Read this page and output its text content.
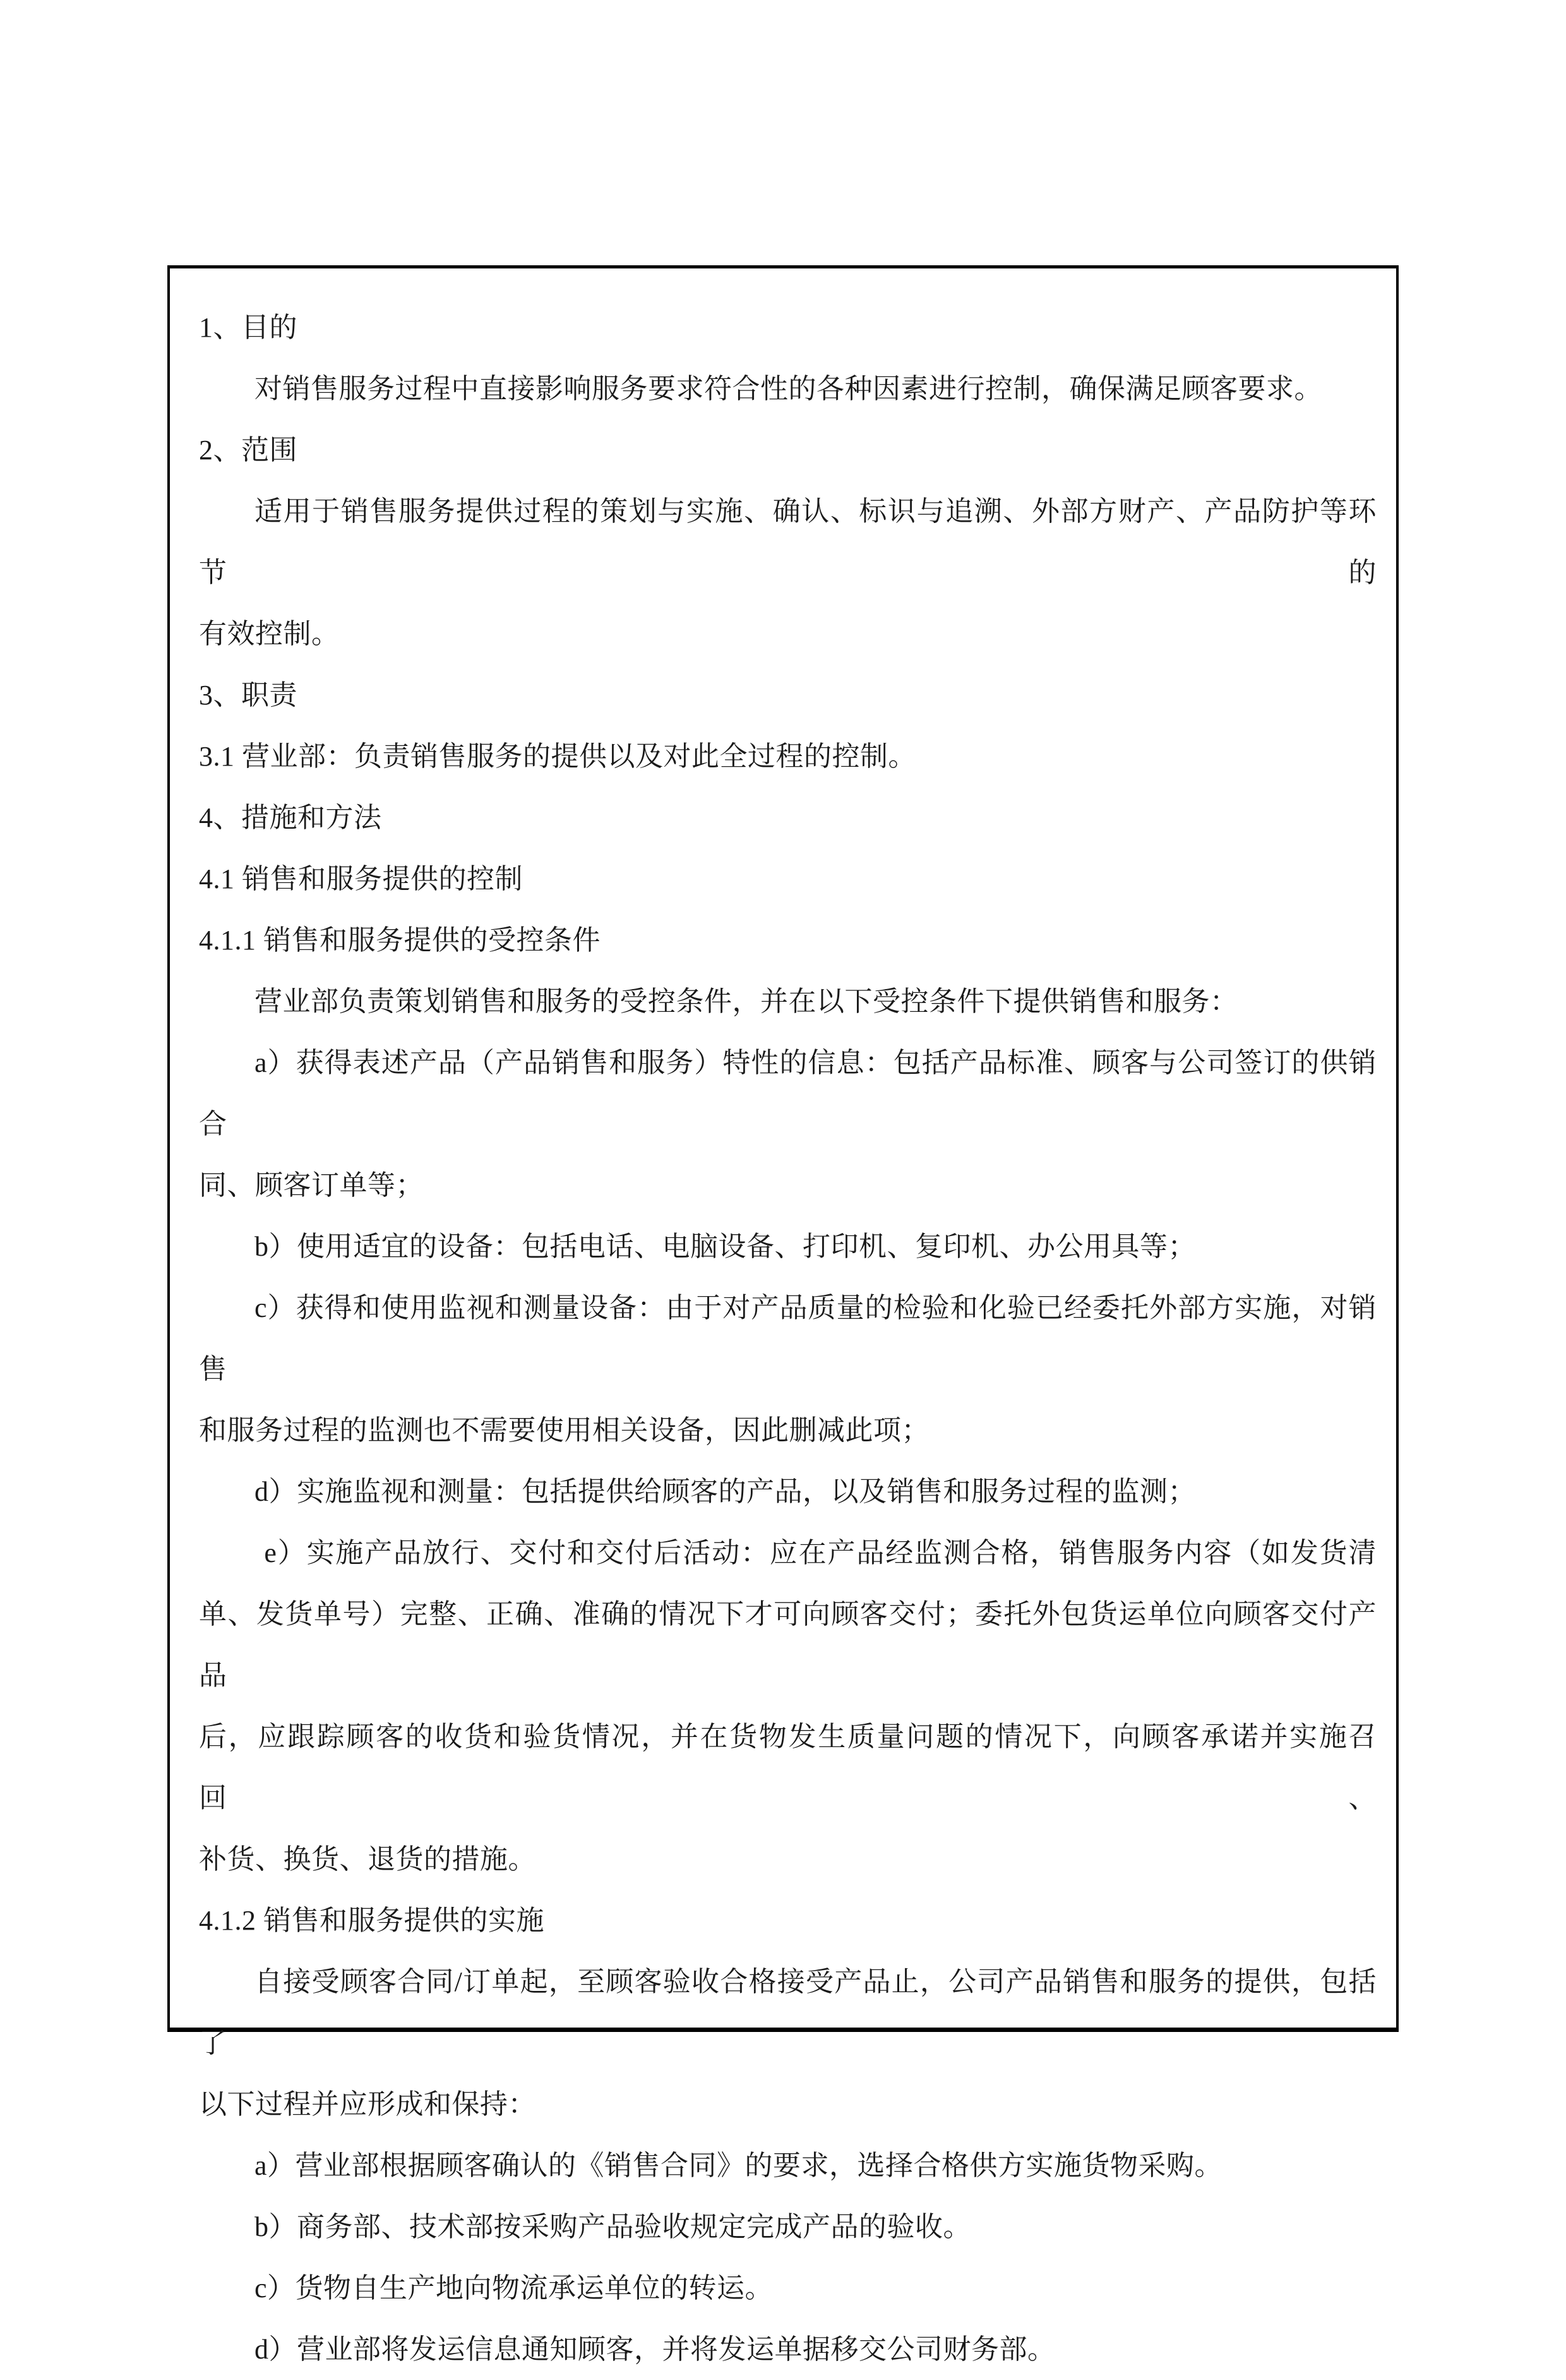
1、目的
对销售服务过程中直接影响服务要求符合性的各种因素进行控制，确保满足顾客要求。
2、范围
适用于销售服务提供过程的策划与实施、确认、标识与追溯、外部方财产、产品防护等环节的
有效控制。
3、职责
3.1 营业部：负责销售服务的提供以及对此全过程的控制。
4、措施和方法
4.1 销售和服务提供的控制
4.1.1 销售和服务提供的受控条件
营业部负责策划销售和服务的受控条件，并在以下受控条件下提供销售和服务：
a）获得表述产品（产品销售和服务）特性的信息：包括产品标准、顾客与公司签订的供销合
同、顾客订单等；
b）使用适宜的设备：包括电话、电脑设备、打印机、复印机、办公用具等；
c）获得和使用监视和测量设备：由于对产品质量的检验和化验已经委托外部方实施，对销售
和服务过程的监测也不需要使用相关设备，因此删减此项；
d）实施监视和测量：包括提供给顾客的产品，以及销售和服务过程的监测；
e）实施产品放行、交付和交付后活动：应在产品经监测合格，销售服务内容（如发货清
单、发货单号）完整、正确、准确的情况下才可向顾客交付；委托外包货运单位向顾客交付产品
后，应跟踪顾客的收货和验货情况，并在货物发生质量问题的情况下，向顾客承诺并实施召回、
补货、换货、退货的措施。
4.1.2 销售和服务提供的实施
自接受顾客合同/订单起，至顾客验收合格接受产品止，公司产品销售和服务的提供，包括了
以下过程并应形成和保持：
a）营业部根据顾客确认的《销售合同》的要求，选择合格供方实施货物采购。
b）商务部、技术部按采购产品验收规定完成产品的验收。
c）货物自生产地向物流承运单位的转运。
d）营业部将发运信息通知顾客，并将发运单据移交公司财务部。
